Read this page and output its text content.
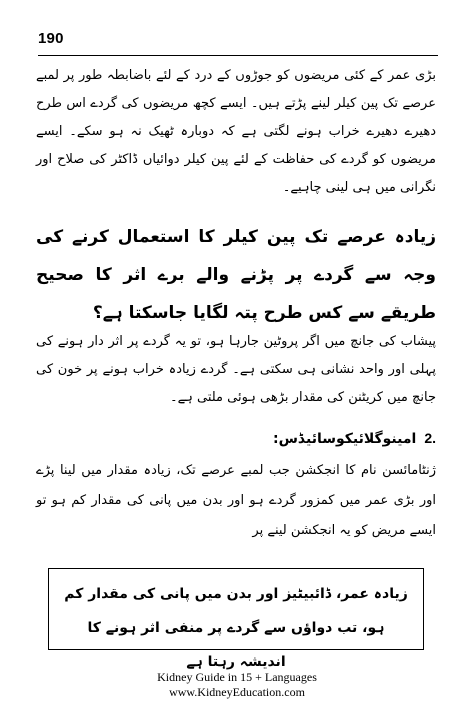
190

بڑی عمر کے کئی مریضوں کو جوڑوں کے درد کے لئے باضابطہ طور پر لمبے عرصے تک پین کیلر لینے پڑتے ہیں۔ ایسے کچھ مریضوں کی گردے اس طرح دھیرے دھیرے خراب ہونے لگتی ہے کہ دوبارہ ٹھیک نہ ہو سکے۔ ایسے مریضوں کو گردے کی حفاظت کے لئے پین کیلر دوائیاں ڈاکٹر کی صلاح اور نگرانی میں ہی لینی چاہیے۔

زیادہ عرصے تک پین کیلر کا استعمال کرنے کی وجہ سے گردے پر پڑنے والے برے اثر کا صحیح طریقے سے کس طرح پتہ لگایا جاسکتا ہے؟

پیشاب کی جانچ میں اگر پروٹین جارہا ہو، تو یہ گردے پر اثر دار ہونے کی پہلی اور واحد نشانی ہی سکتی ہے۔ گردے زیادہ خراب ہونے پر خون کی جانچ میں کریٹنن کی مقدار بڑھی ہوئی ملتی ہے۔

2.امینوگلائیکوسائیڈس:

ژنٹامائسن نام کا انجکشن جب لمبے عرصے تک، زیادہ مقدار میں لینا پڑے اور بڑی عمر میں کمزور گردے ہو اور بدن میں پانی کی مقدار کم ہو تو ایسے مریض کو یہ انجکشن لینے پر

زیادہ عمر، ڈائبیٹیز اور بدن میں پانی کی مقدار کم ہو، تب دواؤں سے گردے پر منفی اثر ہونے کا اندیشہ رہتا ہے
Kidney Guide in 15 + Languages
www.KidneyEducation.com
